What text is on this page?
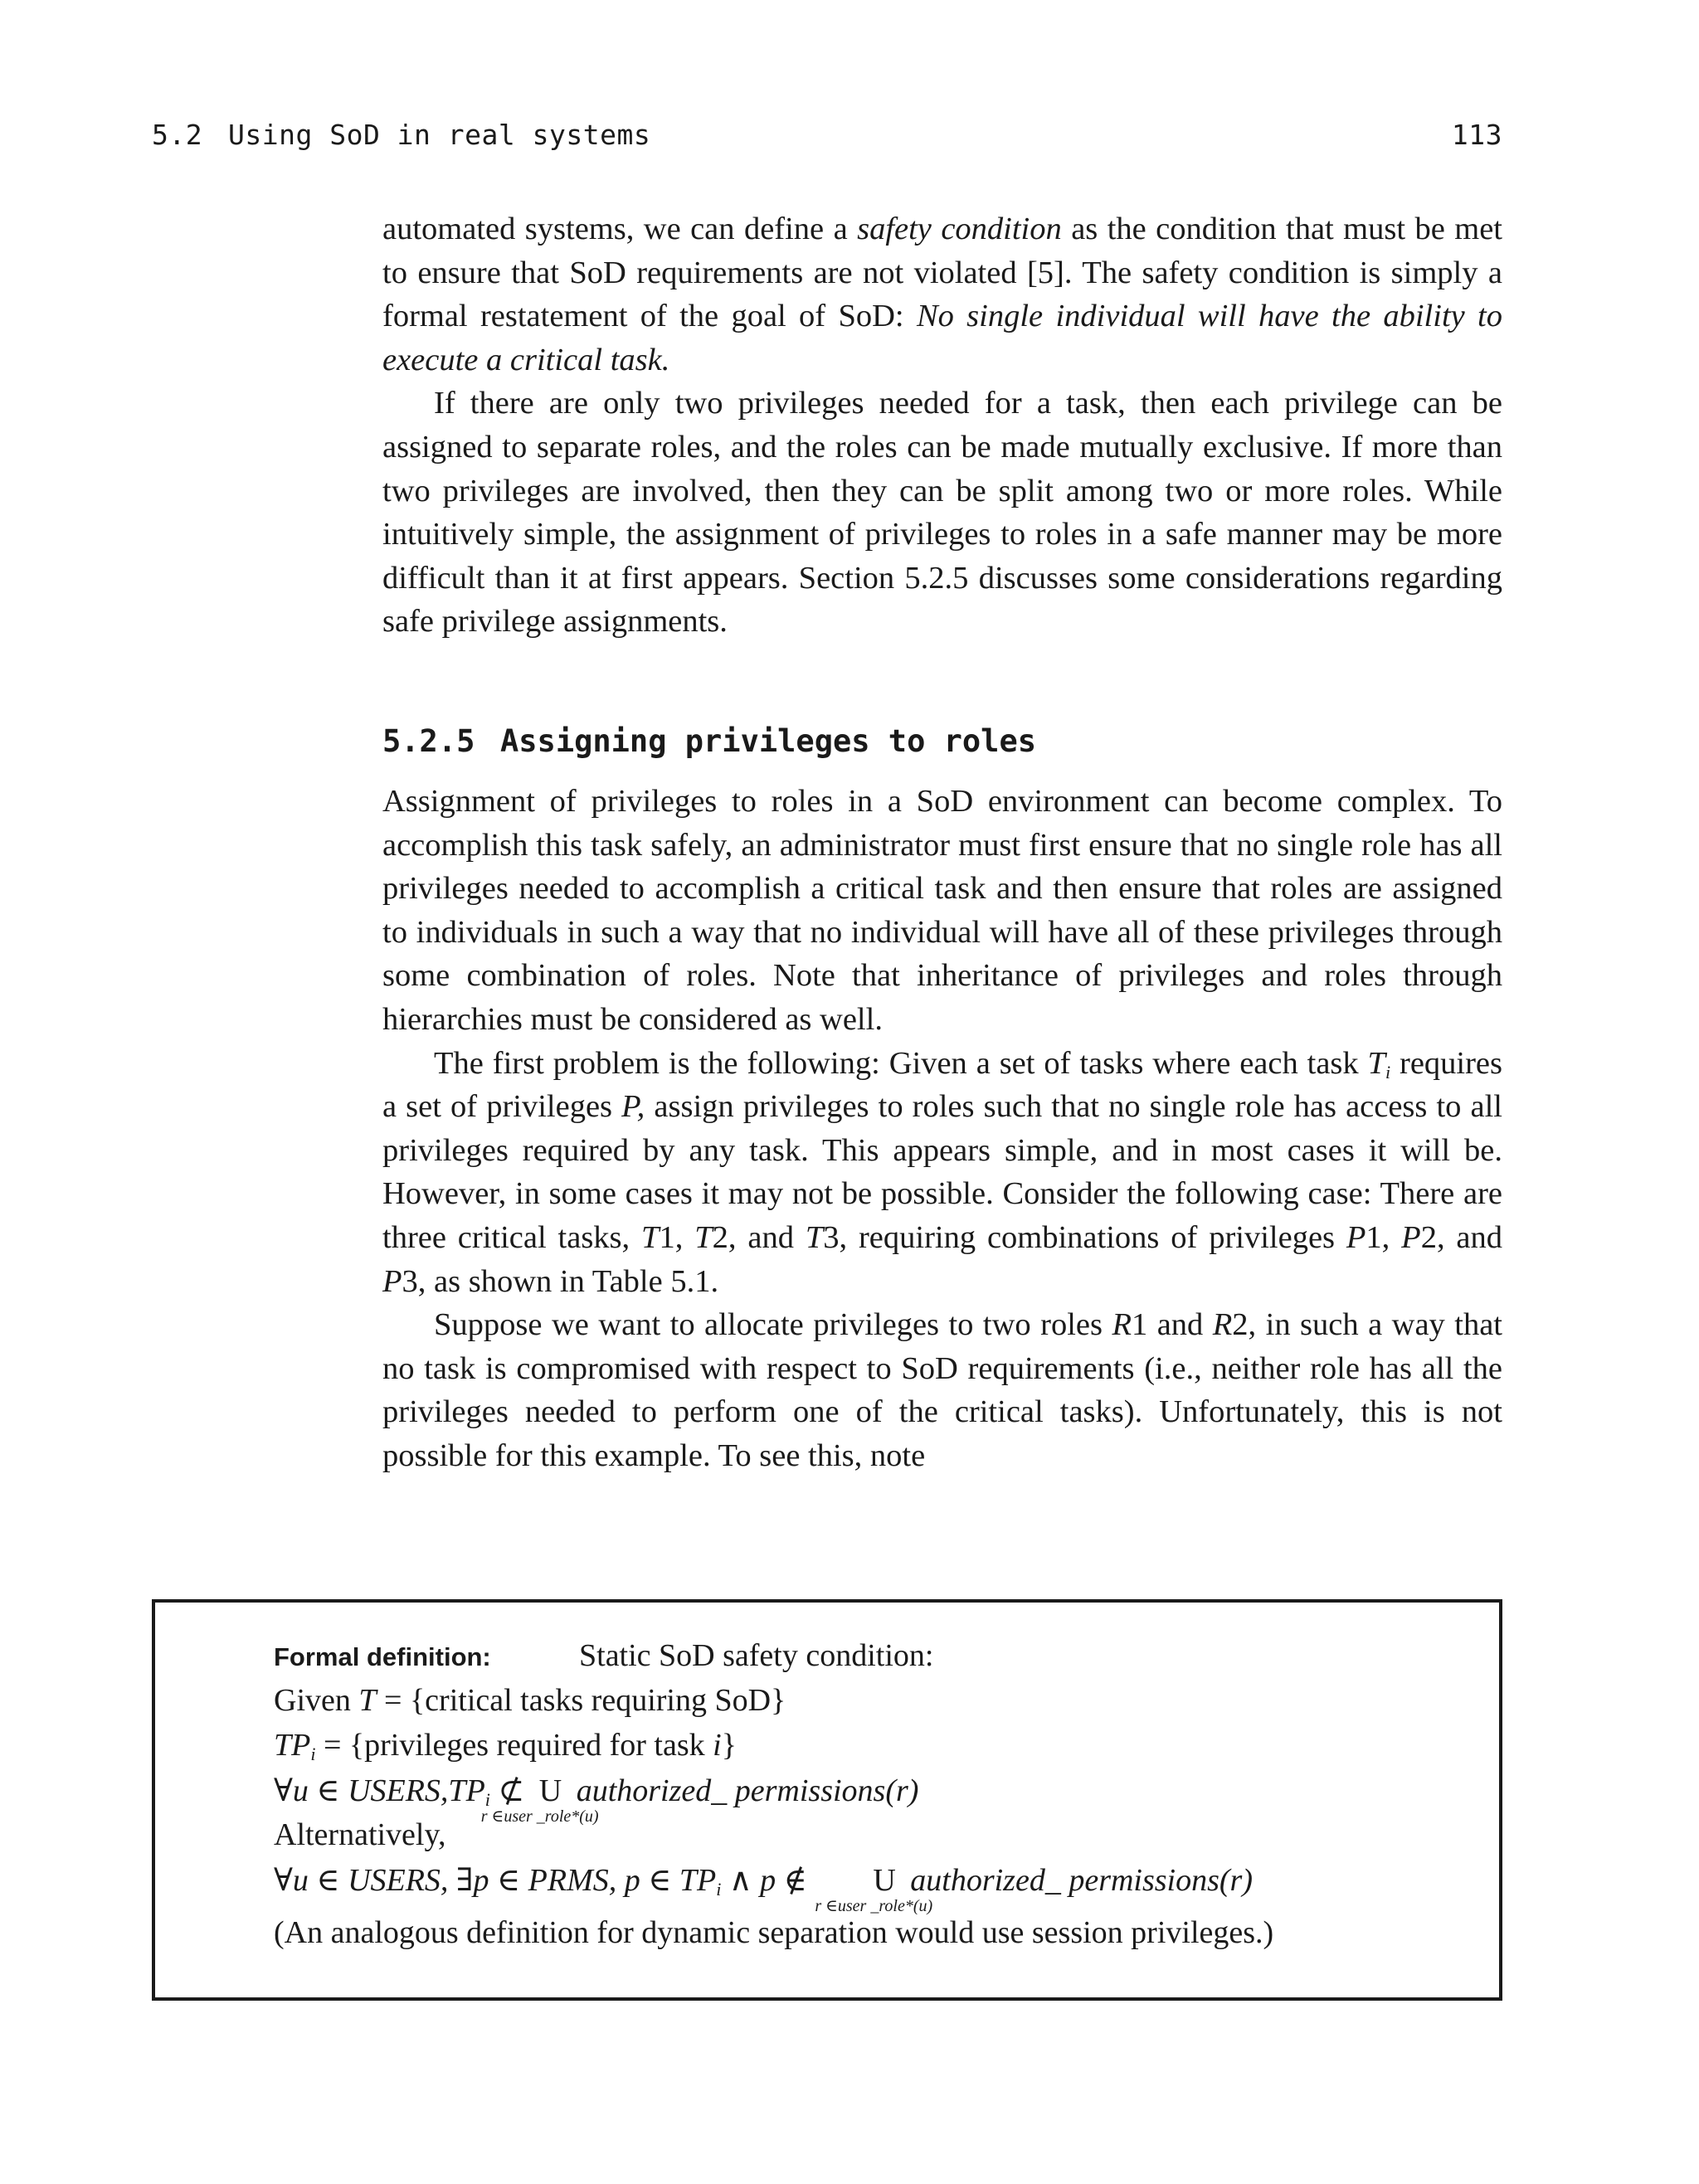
5.2 Using SoD in real systems	113

automated systems, we can define a safety condition as the condition that must be met to ensure that SoD requirements are not violated [5]. The safety condition is simply a formal restatement of the goal of SoD: No single individual will have the ability to execute a critical task.

If there are only two privileges needed for a task, then each privilege can be assigned to separate roles, and the roles can be made mutually exclusive. If more than two privileges are involved, then they can be split among two or more roles. While intuitively simple, the assignment of privileges to roles in a safe manner may be more difficult than it at first appears. Section 5.2.5 discusses some considerations regarding safe privilege assignments.

5.2.5 Assigning privileges to roles

Assignment of privileges to roles in a SoD environment can become complex. To accomplish this task safely, an administrator must first ensure that no single role has all privileges needed to accomplish a critical task and then ensure that roles are assigned to individuals in such a way that no individual will have all of these privileges through some combination of roles. Note that inheritance of privileges and roles through hierarchies must be considered as well.

The first problem is the following: Given a set of tasks where each task $T_i$ requires a set of privileges P, assign privileges to roles such that no single role has access to all privileges required by any task. This appears simple, and in most cases it will be. However, in some cases it may not be possible. Consider the following case: There are three critical tasks, T1, T2, and T3, requiring combinations of privileges P1, P2, and P3, as shown in Table 5.1.

Suppose we want to allocate privileges to two roles R1 and R2, in such a way that no task is compromised with respect to SoD requirements (i.e., neither role has all the privileges needed to perform one of the critical tasks). Unfortunately, this is not possible for this example. To see this, note

Formal definition:	Static SoD safety condition:
Given T = {critical tasks requiring SoD}
$TP_i$ = {privileges required for task i}
∀u ∈ $USERS,TP_i$ ⊄ U
r ∈user _role*(u)
authorized_ permissions(r)
Alternatively,
∀u ∈ USERS, ∃p ∈ PRMS, p ∈ $TP_i$ ∧ p ∉ U
r ∈user _role*(u)
authorized_ permissions(r)
(An analogous definition for dynamic separation would use session privileges.)
